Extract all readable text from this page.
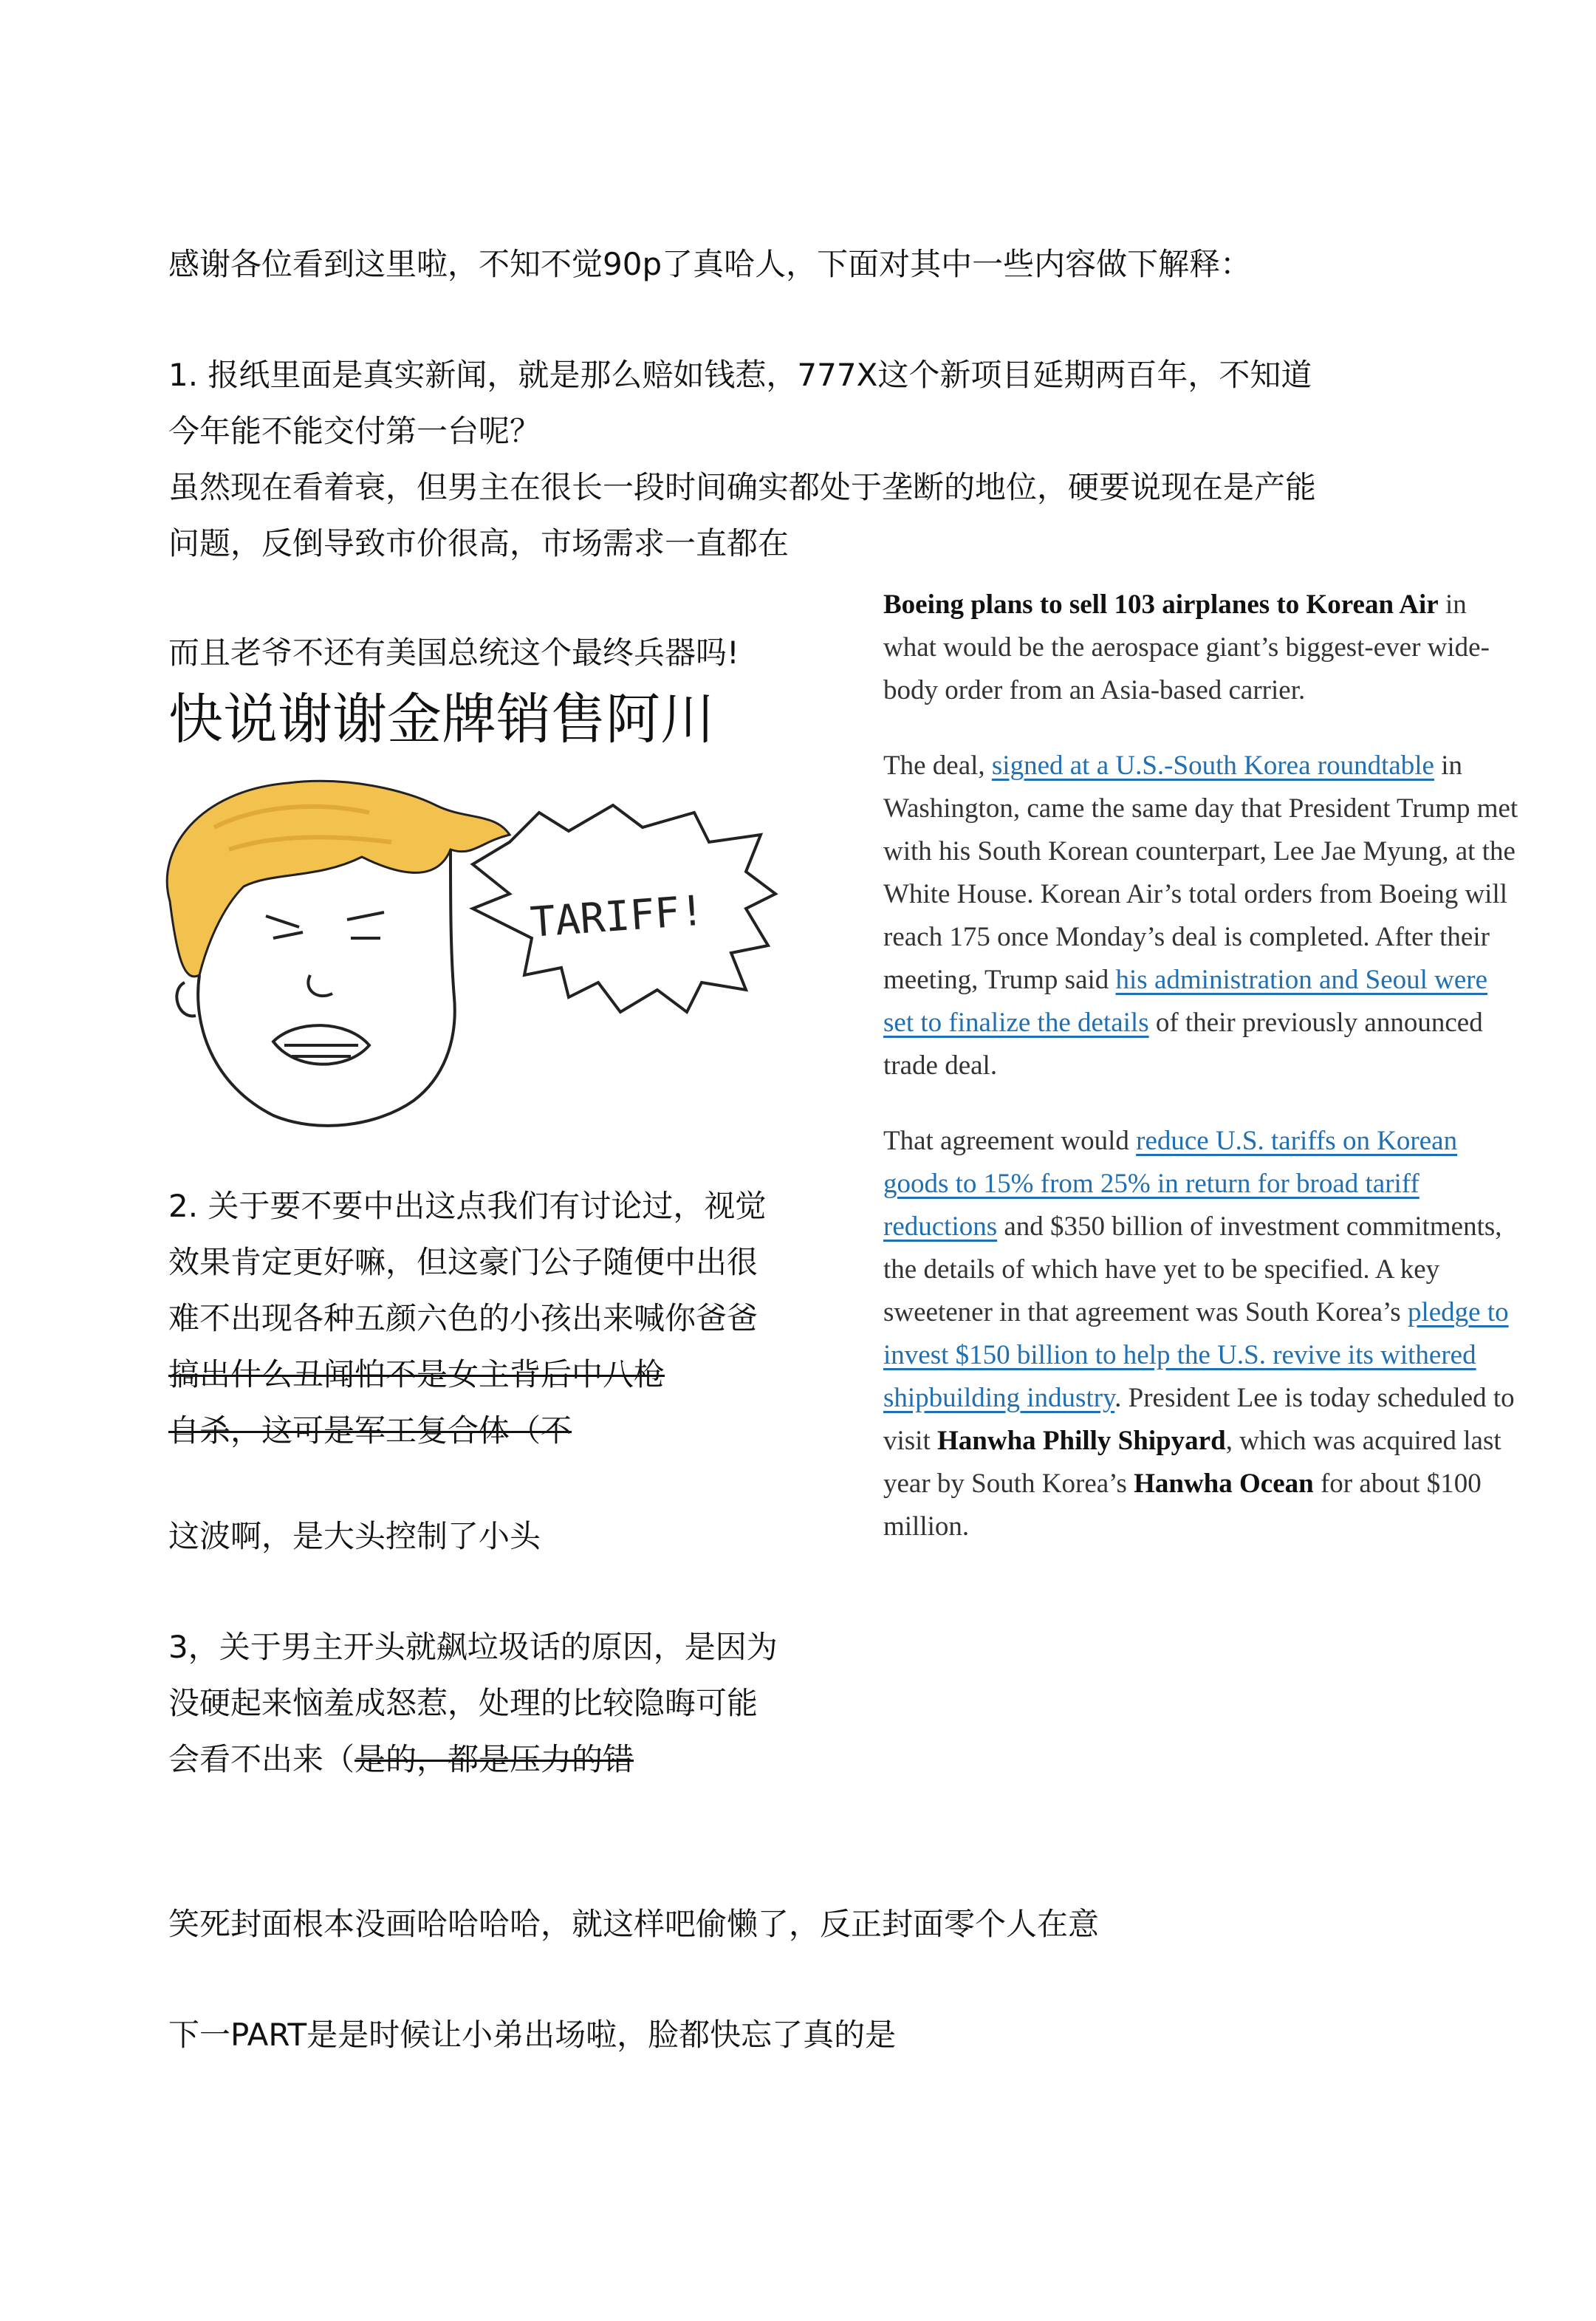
感谢各位看到这里啦，不知不觉90p了真哈人，下面对其中一些内容做下解释：
1. 报纸里面是真实新闻，就是那么赔如钱惹，777X这个新项目延期两百年，不知道
今年能不能交付第一台呢？
虽然现在看着衰，但男主在很长一段时间确实都处于垄断的地位，硬要说现在是产能
问题，反倒导致市价很高，市场需求一直都在
而且老爷不还有美国总统这个最终兵器吗!
快说谢谢金牌销售阿川
TARIFF!
2. 关于要不要中出这点我们有讨论过，视觉
效果肯定更好嘛，但这豪门公子随便中出很
难不出现各种五颜六色的小孩出来喊你爸爸
搞出什么丑闻怕不是女主背后中八枪
自杀，这可是军工复合体（不
这波啊，是大头控制了小头
3，关于男主开头就飙垃圾话的原因，是因为
没硬起来恼羞成怒惹，处理的比较隐晦可能
会看不出来（是的，都是压力的错
笑死封面根本没画哈哈哈哈，就这样吧偷懒了，反正封面零个人在意
下一PART是是时候让小弟出场啦，脸都快忘了真的是

Boeing plans to sell 103 airplanes to Korean Air in what would be the aerospace giant’s biggest-ever wide-body order from an Asia-based carrier.

The deal, signed at a U.S.-South Korea roundtable in Washington, came the same day that President Trump met with his South Korean counterpart, Lee Jae Myung, at the White House. Korean Air’s total orders from Boeing will reach 175 once Monday’s deal is completed. After their meeting, Trump said his administration and Seoul were set to finalize the details of their previously announced trade deal.

That agreement would reduce U.S. tariffs on Korean goods to 15% from 25% in return for broad tariff reductions and $350 billion of investment commitments, the details of which have yet to be specified. A key sweetener in that agreement was South Korea’s pledge to invest $150 billion to help the U.S. revive its withered shipbuilding industry. President Lee is today scheduled to visit Hanwha Philly Shipyard, which was acquired last year by South Korea’s Hanwha Ocean for about $100 million.
